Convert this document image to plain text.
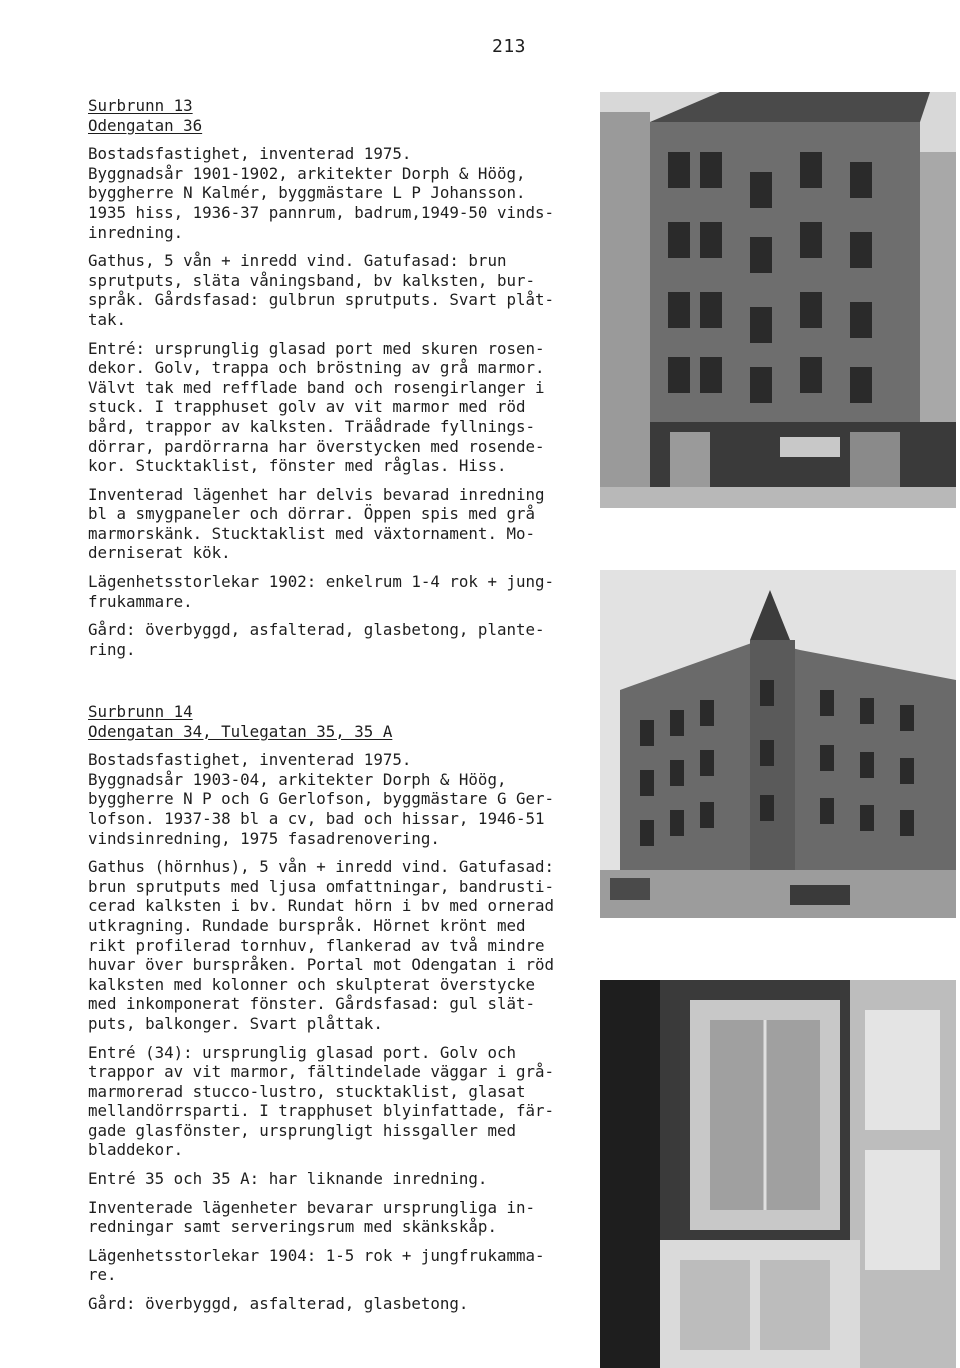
213

Surbrunn 13

Odengatan 36

Bostadsfastighet, inventerad 1975.
Byggnadsår 1901-1902, arkitekter Dorph & Höög,
byggherre N Kalmér, byggmästare L P Johansson.
1935 hiss, 1936-37 pannrum, badrum,1949-50 vinds-
inredning.

Gathus, 5 vån + inredd vind. Gatufasad: brun
sprutputs, släta våningsband, bv kalksten, bur-
språk. Gårdsfasad: gulbrun sprutputs. Svart plåt-
tak.

Entré: ursprunglig glasad port med skuren rosen-
dekor. Golv, trappa och bröstning av grå marmor.
Välvt tak med refflade band och rosengirlanger i
stuck. I trapphuset golv av vit marmor med röd
bård, trappor av kalksten. Träådrade fyllnings-
dörrar, pardörrarna har överstycken med rosende-
kor. Stucktaklist, fönster med råglas. Hiss.

Inventerad lägenhet har delvis bevarad inredning
bl a smygpaneler och dörrar. Öppen spis med grå
marmorskänk. Stucktaklist med växtornament. Mo-
derniserat kök.

Lägenhetsstorlekar 1902: enkelrum 1-4 rok + jung-
frukammare.

Gård: överbyggd, asfalterad, glasbetong, plante-
ring.

Surbrunn 14

Odengatan 34, Tulegatan 35, 35 A

Bostadsfastighet, inventerad 1975.
Byggnadsår 1903-04, arkitekter Dorph & Höög,
byggherre N P och G Gerlofson, byggmästare G Ger-
lofson. 1937-38 bl a cv, bad och hissar, 1946-51
vindsinredning, 1975 fasadrenovering.

Gathus (hörnhus), 5 vån + inredd vind. Gatufasad:
brun sprutputs med ljusa omfattningar, bandrusti-
cerad kalksten i bv. Rundat hörn i bv med ornerad
utkragning. Rundade burspråk. Hörnet krönt med
rikt profilerad tornhuv, flankerad av två mindre
huvar över burspråken. Portal mot Odengatan i röd
kalksten med kolonner och skulpterat överstycke
med inkomponerat fönster. Gårdsfasad: gul slät-
puts, balkonger. Svart plåttak.

Entré (34): ursprunglig glasad port. Golv och
trappor av vit marmor, fältindelade väggar i grå-
marmorerad stucco-lustro, stucktaklist, glasat
mellandörrsparti. I trapphuset blyinfattade, fär-
gade glasfönster, ursprungligt hissgaller med
bladdekor.

Entré 35 och 35 A: har liknande inredning.

Inventerade lägenheter bevarar ursprungliga in-
redningar samt serveringsrum med skänkskåp.

Lägenhetsstorlekar 1904: 1-5 rok + jungfrukamma-
re.

Gård: överbyggd, asfalterad, glasbetong.
